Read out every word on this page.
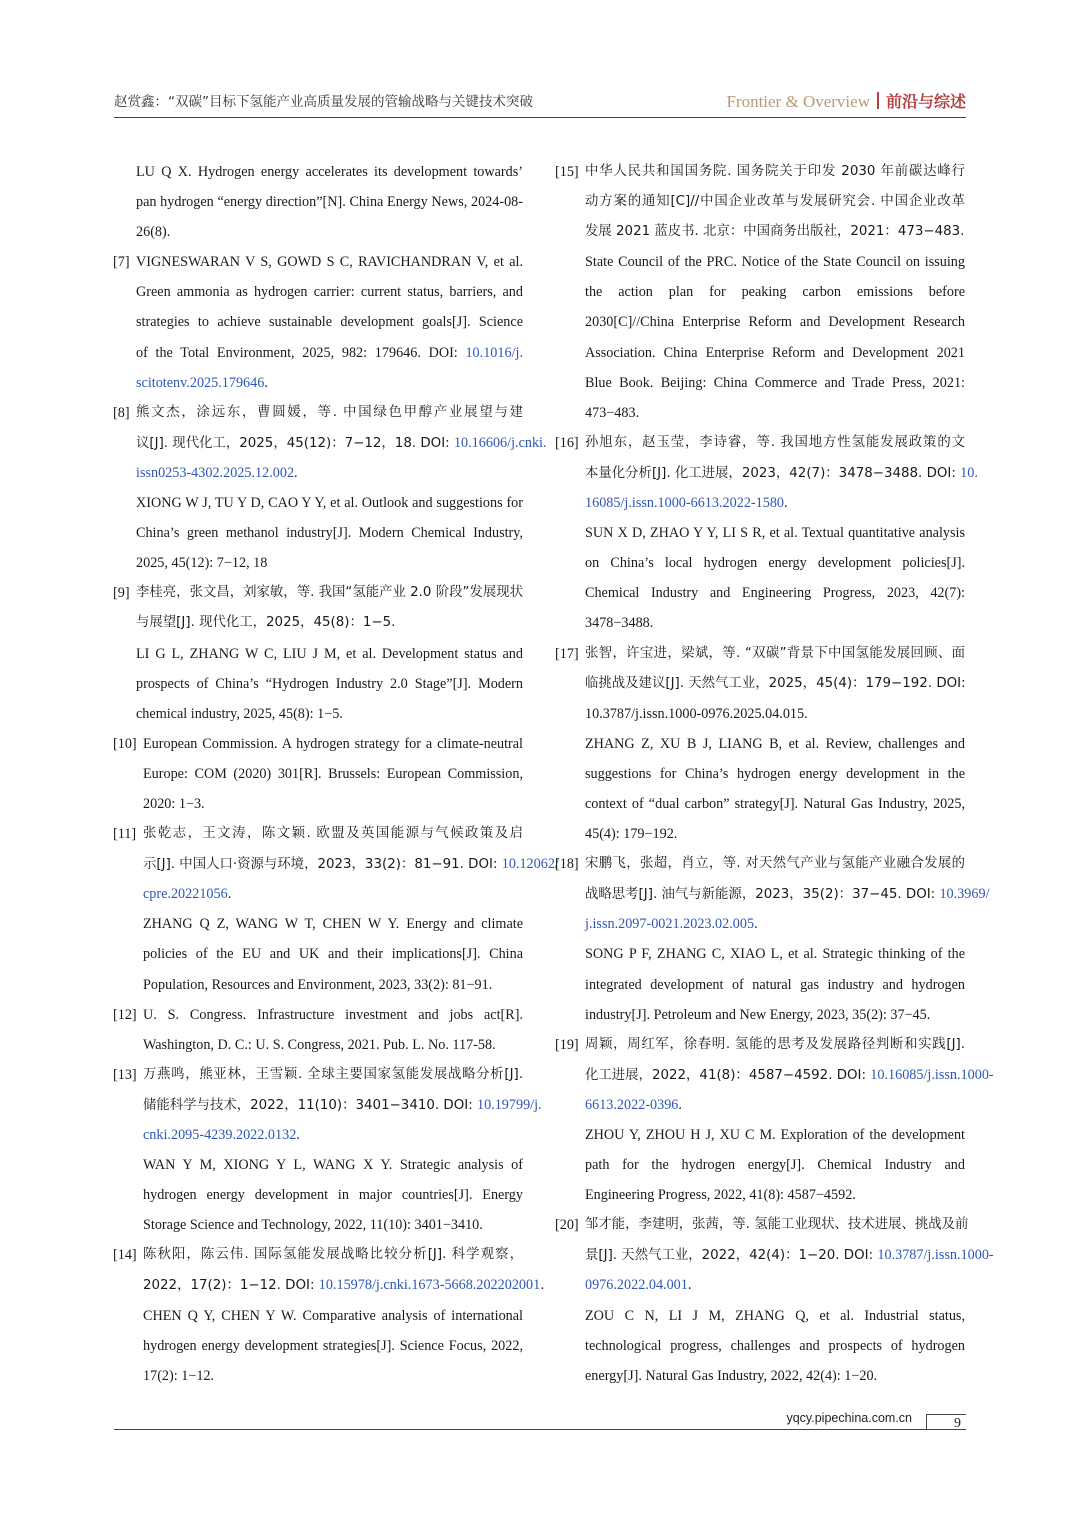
赵赏鑫：“双碳”目标下氢能产业高质量发展的管输战略与关键技术突破	Frontier & Overview 前沿与综述
LU Q X. Hydrogen energy accelerates its development towards’
pan hydrogen “energy direction”[N]. China Energy News, 2024-08-
26(8).
[7] VIGNESWARAN V S, GOWD S C, RAVICHANDRAN V, et al.
Green ammonia as hydrogen carrier: current status, barriers, and
strategies to achieve sustainable development goals[J]. Science
of the Total Environment, 2025, 982: 179646. DOI: 10.1016/j.
scitotenv.2025.179646.
[8] 熊文杰，涂远东，曹圆媛，等. 中国绿色甲醇产业展望与建
议[J]. 现代化工，2025，45(12)：7−12，18. DOI: 10.16606/j.cnki.
issn0253-4302.2025.12.002.
XIONG W J, TU Y D, CAO Y Y, et al. Outlook and suggestions for
China’s green methanol industry[J]. Modern Chemical Industry,
2025, 45(12): 7−12, 18
[9] 李桂亮，张文昌，刘家敏，等. 我国“氢能产业 2.0 阶段”发展现状
与展望[J]. 现代化工，2025，45(8)：1−5.
LI G L, ZHANG W C, LIU J M, et al. Development status and
prospects of China’s “Hydrogen Industry 2.0 Stage”[J]. Modern
chemical industry, 2025, 45(8): 1−5.
[10] European Commission. A hydrogen strategy for a climate-neutral
Europe: COM (2020) 301[R]. Brussels: European Commission,
2020: 1−3.
[11] 张乾志，王文涛，陈文颖. 欧盟及英国能源与气候政策及启
示[J]. 中国人口·资源与环境，2023，33(2)：81−91. DOI: 10.12062/
cpre.20221056.
ZHANG Q Z, WANG W T, CHEN W Y. Energy and climate
policies of the EU and UK and their implications[J]. China
Population, Resources and Environment, 2023, 33(2): 81−91.
[12] U. S. Congress. Infrastructure investment and jobs act[R].
Washington, D. C.: U. S. Congress, 2021. Pub. L. No. 117-58.
[13] 万燕鸣，熊亚林，王雪颖. 全球主要国家氢能发展战略分析[J].
储能科学与技术，2022，11(10)：3401−3410. DOI: 10.19799/j.
cnki.2095-4239.2022.0132.
WAN Y M, XIONG Y L, WANG X Y. Strategic analysis of
hydrogen energy development in major countries[J]. Energy
Storage Science and Technology, 2022, 11(10): 3401−3410.
[14] 陈秋阳，陈云伟. 国际氢能发展战略比较分析[J]. 科学观察，
2022，17(2)：1−12. DOI: 10.15978/j.cnki.1673-5668.202202001.
CHEN Q Y, CHEN Y W. Comparative analysis of international
hydrogen energy development strategies[J]. Science Focus, 2022,
17(2): 1−12.
[15] 中华人民共和国国务院. 国务院关于印发 2030 年前碳达峰行
动方案的通知[C]//中国企业改革与发展研究会. 中国企业改革
发展 2021 蓝皮书. 北京：中国商务出版社，2021：473−483.
State Council of the PRC. Notice of the State Council on issuing
the action plan for peaking carbon emissions before
2030[C]//China Enterprise Reform and Development Research
Association. China Enterprise Reform and Development 2021
Blue Book. Beijing: China Commerce and Trade Press, 2021:
473−483.
[16] 孙旭东，赵玉莹，李诗睿，等. 我国地方性氢能发展政策的文
本量化分析[J]. 化工进展，2023，42(7)：3478−3488. DOI: 10.
16085/j.issn.1000-6613.2022-1580.
SUN X D, ZHAO Y Y, LI S R, et al. Textual quantitative analysis
on China’s local hydrogen energy development policies[J].
Chemical Industry and Engineering Progress, 2023, 42(7):
3478−3488.
[17] 张智，许宝进，梁斌，等. “双碳”背景下中国氢能发展回顾、面
临挑战及建议[J]. 天然气工业，2025，45(4)：179−192. DOI:
10.3787/j.issn.1000-0976.2025.04.015.
ZHANG Z, XU B J, LIANG B, et al. Review, challenges and
suggestions for China’s hydrogen energy development in the
context of “dual carbon” strategy[J]. Natural Gas Industry, 2025,
45(4): 179−192.
[18] 宋鹏飞，张超，肖立，等. 对天然气产业与氢能产业融合发展的
战略思考[J]. 油气与新能源，2023，35(2)：37−45. DOI: 10.3969/
j.issn.2097-0021.2023.02.005.
SONG P F, ZHANG C, XIAO L, et al. Strategic thinking of the
integrated development of natural gas industry and hydrogen
industry[J]. Petroleum and New Energy, 2023, 35(2): 37−45.
[19] 周颖，周红军，徐春明. 氢能的思考及发展路径判断和实践[J].
化工进展，2022，41(8)：4587−4592. DOI: 10.16085/j.issn.1000-
6613.2022-0396.
ZHOU Y, ZHOU H J, XU C M. Exploration of the development
path for the hydrogen energy[J]. Chemical Industry and
Engineering Progress, 2022, 41(8): 4587−4592.
[20] 邹才能，李建明，张茜，等. 氢能工业现状、技术进展、挑战及前
景[J]. 天然气工业，2022，42(4)：1−20. DOI: 10.3787/j.issn.1000-
0976.2022.04.001.
ZOU C N, LI J M, ZHANG Q, et al. Industrial status,
technological progress, challenges and prospects of hydrogen
energy[J]. Natural Gas Industry, 2022, 42(4): 1−20.
yqcy.pipechina.com.cn	9
